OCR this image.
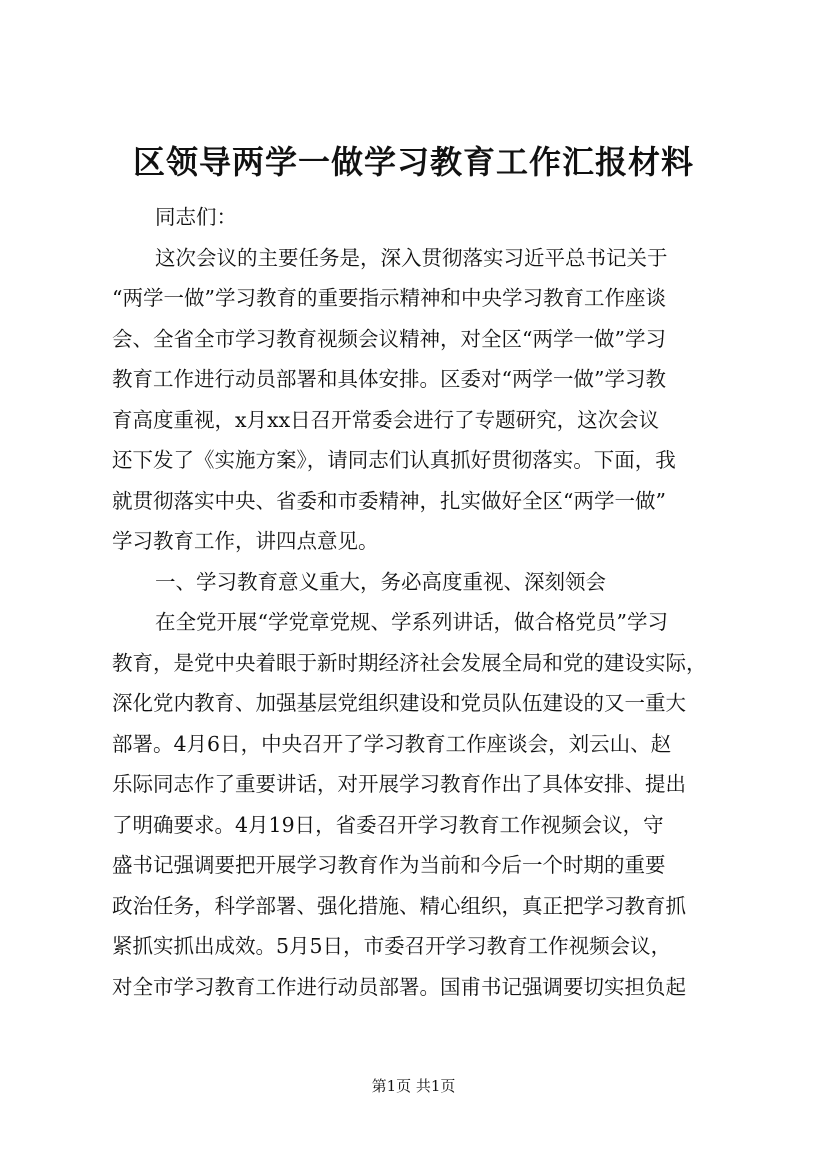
区领导两学一做学习教育工作汇报材料
同志们：
这次会议的主要任务是，深入贯彻落实习近平总书记关于
“两学一做”学习教育的重要指示精神和中央学习教育工作座谈
会、全省全市学习教育视频会议精神，对全区“两学一做”学习
教育工作进行动员部署和具体安排。区委对“两学一做”学习教
育高度重视，x月xx日召开常委会进行了专题研究，这次会议
还下发了《实施方案》，请同志们认真抓好贯彻落实。下面，我
就贯彻落实中央、省委和市委精神，扎实做好全区“两学一做”
学习教育工作，讲四点意见。
一、学习教育意义重大，务必高度重视、深刻领会
在全党开展“学党章党规、学系列讲话，做合格党员”学习
教育，是党中央着眼于新时期经济社会发展全局和党的建设实际，
深化党内教育、加强基层党组织建设和党员队伍建设的又一重大
部署。4月6日，中央召开了学习教育工作座谈会，刘云山、赵
乐际同志作了重要讲话，对开展学习教育作出了具体安排、提出
了明确要求。4月19日，省委召开学习教育工作视频会议，守
盛书记强调要把开展学习教育作为当前和今后一个时期的重要
政治任务，科学部署、强化措施、精心组织，真正把学习教育抓
紧抓实抓出成效。5月5日，市委召开学习教育工作视频会议，
对全市学习教育工作进行动员部署。国甫书记强调要切实担负起
第1页 共1页
